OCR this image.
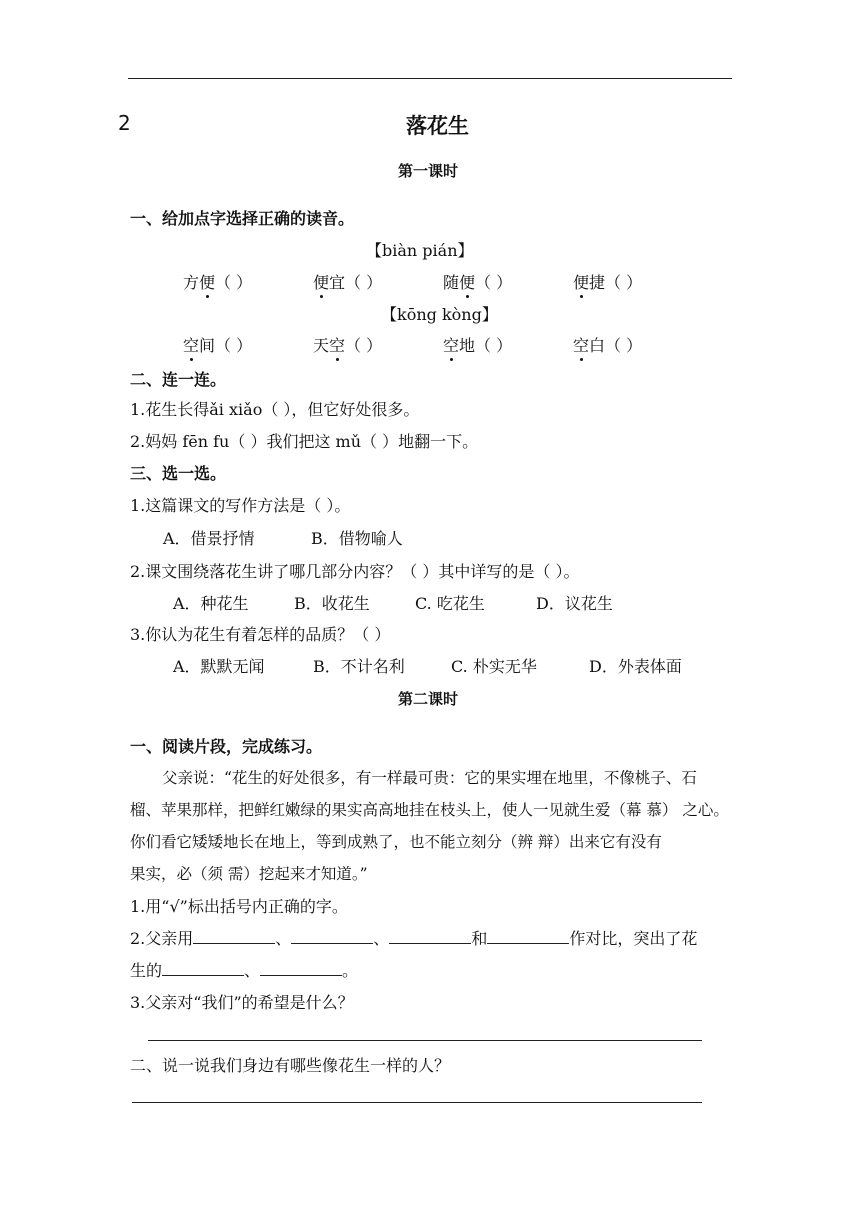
2	落花生
第一课时
一、给加点字选择正确的读音。
【biàn pián】
方便（ ）	便宜（ ）	随便（ ）	便捷（ ）
【kōng kòng】
空间（ ）	天空（ ）	空地（ ）	空白（ ）
二、连一连。
1.花生长得ǎi xiǎo（ ），但它好处很多。
2.妈妈 fēn fu（ ）我们把这 mǔ（ ）地翻一下。
三、选一选。
1.这篇课文的写作方法是（ ）。
A．借景抒情	B．借物喻人
2.课文围绕落花生讲了哪几部分内容？（ ）其中详写的是（ ）。
A．种花生	B．收花生	C. 吃花生	D．议花生
3.你认为花生有着怎样的品质？（ ）
A．默默无闻	B．不计名利	C. 朴实无华	D．外表体面
第二课时
一、阅读片段，完成练习。
父亲说：“花生的好处很多，有一样最可贵：它的果实埋在地里，不像桃子、石
榴、苹果那样，把鲜红嫩绿的果实高高地挂在枝头上，使人一见就生爱（幕 慕） 之心。
你们看它矮矮地长在地上，等到成熟了，也不能立刻分（辨 辩）出来它有没有
果实，必（须 需）挖起来才知道。”
1.用“√”标出括号内正确的字。
2.父亲用	、	、	和	作对比，突出了花
生的	、	。
3.父亲对“我们”的希望是什么？
二、说一说我们身边有哪些像花生一样的人？
